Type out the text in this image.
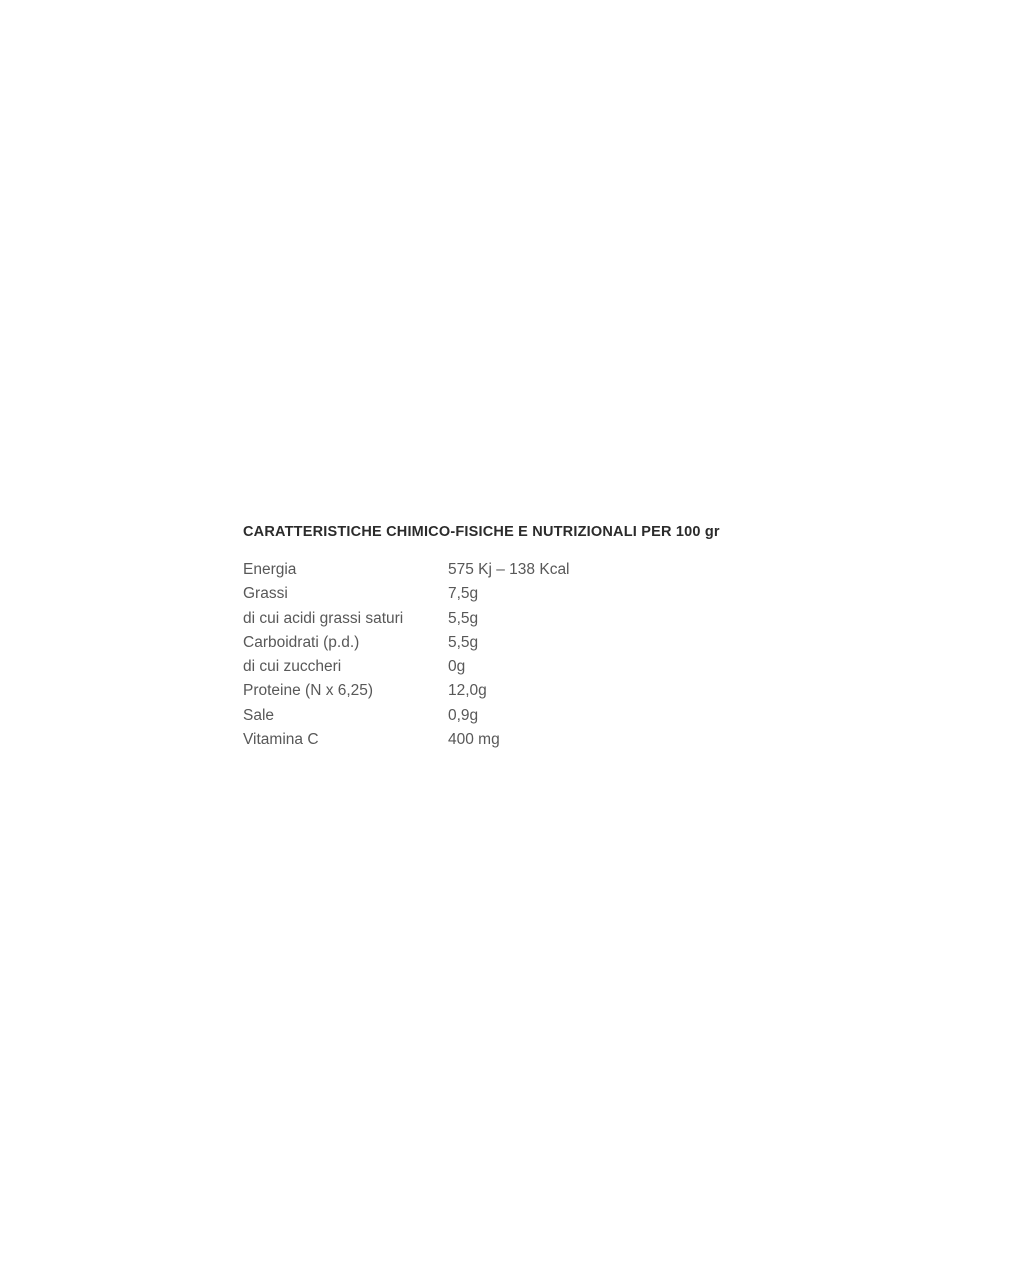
CARATTERISTICHE CHIMICO-FISICHE E NUTRIZIONALI PER 100 gr

Energia	575 Kj – 138 Kcal
Grassi	7,5g
di cui acidi grassi saturi	5,5g
Carboidrati (p.d.)	5,5g
di cui zuccheri	0g
Proteine (N x 6,25)	12,0g
Sale	0,9g
Vitamina C	400 mg
